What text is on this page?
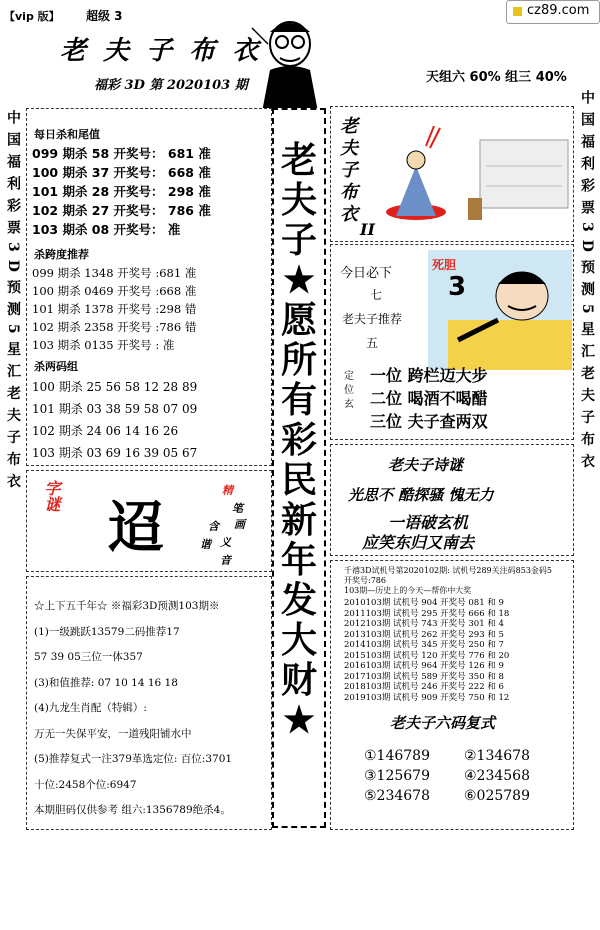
【vip 版】 超级 3
老 夫 子 布 衣
福彩 3D 第 2020103 期
天组六 60% 组三 40%
cz89.com
中国福利彩票3D预测5星汇老夫子布衣	中国福利彩票3D预测5星汇老夫子布衣
每日杀和尾值
099 期杀 58 开奖号： 681 准
100 期杀 37 开奖号： 668 准
101 期杀 28 开奖号： 298 准
102 期杀 27 开奖号： 786 准
103 期杀 08 开奖号： 准
杀跨度推荐
099 期杀 1348 开奖号 :681 准
100 期杀 0469 开奖号 :668 准
101 期杀 1378 开奖号 :298 错
102 期杀 2358 开奖号 :786 错
103 期杀 0135 开奖号 : 准
杀两码组
100 期杀 25 56 58 12 28 89
101 期杀 03 38 59 58 07 09
102 期杀 24 06 14 16 26
103 期杀 03 69 16 39 05 67
老
夫
子
★
愿
所
有
彩
民
新
年
发
大
财
★
老
夫
子
布
衣
II
今日必下
七
老夫子推荐
五
死胆
3
定
位
玄
一位 跨栏迈大步
二位 喝酒不喝醋
三位 夫子查两双
字谜 迢
精
笔
画
含
谐 义
音
老夫子诗谜
光思不 酷探骚 愧无力
一语破玄机
应笑东归又南去
☆上下五千年☆ ※福彩3D预测103期※
(1)一级跳跃13579二码推荐17
57 39 05三位一体357
(3)和值推荐: 07 10 14 16 18
(4)九龙生肖配（特辑）:
万无一失保平安，一道残阳铺水中
(5)推荐复式一注379革选定位: 百位:3701
十位:2458个位:6947
本期胆码仅供参考 组六:1356789绝杀4。
千禧3D试机号第2020102期: 试机号289关注码853金码5
开奖号:786
103期—历史上的今天—帮你中大奖
2010103期 试机号 904 开奖号 081 和 9
2011103期 试机号 295 开奖号 666 和 18
2012103期 试机号 743 开奖号 301 和 4
2013103期 试机号 262 开奖号 293 和 5
2014103期 试机号 345 开奖号 250 和 7
2015103期 试机号 120 开奖号 776 和 20
2016103期 试机号 964 开奖号 126 和 9
2017103期 试机号 589 开奖号 350 和 8
2018103期 试机号 246 开奖号 222 和 6
2019103期 试机号 909 开奖号 750 和 12
老夫子六码复式
①146789	②134678
③125679	④234568
⑤234678	⑥025789
